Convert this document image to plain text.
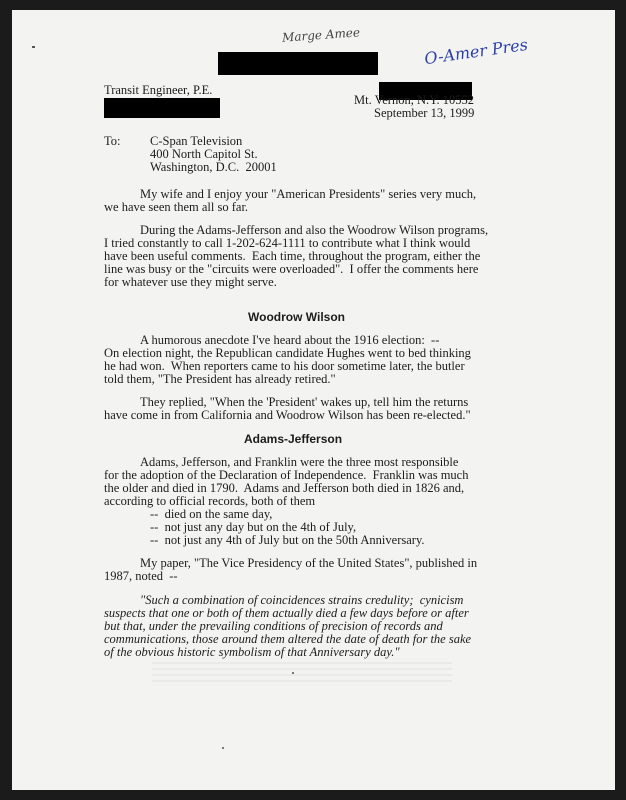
Marge Amee	O-Amer Pres
Transit Engineer, P.E.
Mt. Vernon, N.Y. 10552
September 13, 1999
To: C-Span Television
400 North Capitol St.
Washington, D.C.  20001
My wife and I enjoy your "American Presidents" series very much,
we have seen them all so far.
During the Adams-Jefferson and also the Woodrow Wilson programs,
I tried constantly to call 1-202-624-1111 to contribute what I think would
have been useful comments.  Each time, throughout the program, either the
line was busy or the "circuits were overloaded".  I offer the comments here
for whatever use they might serve.
Woodrow Wilson
A humorous anecdote I've heard about the 1916 election:  --
On election night, the Republican candidate Hughes went to bed thinking
he had won.  When reporters came to his door sometime later, the butler
told them, "The President has already retired."
They replied, "When the 'President' wakes up, tell him the returns
have come in from California and Woodrow Wilson has been re-elected."
Adams-Jefferson
Adams, Jefferson, and Franklin were the three most responsible
for the adoption of the Declaration of Independence.  Franklin was much
the older and died in 1790.  Adams and Jefferson both died in 1826 and,
according to official records, both of them
--  died on the same day,
--  not just any day but on the 4th of July,
--  not just any 4th of July but on the 50th Anniversary.
My paper, "The Vice Presidency of the United States", published in
1987, noted  --
"Such a combination of coincidences strains credulity;  cynicism
suspects that one or both of them actually died a few days before or after
but that, under the prevailing conditions of precision of records and
communications, those around them altered the date of death for the sake
of the obvious historic symbolism of that Anniversary day."
